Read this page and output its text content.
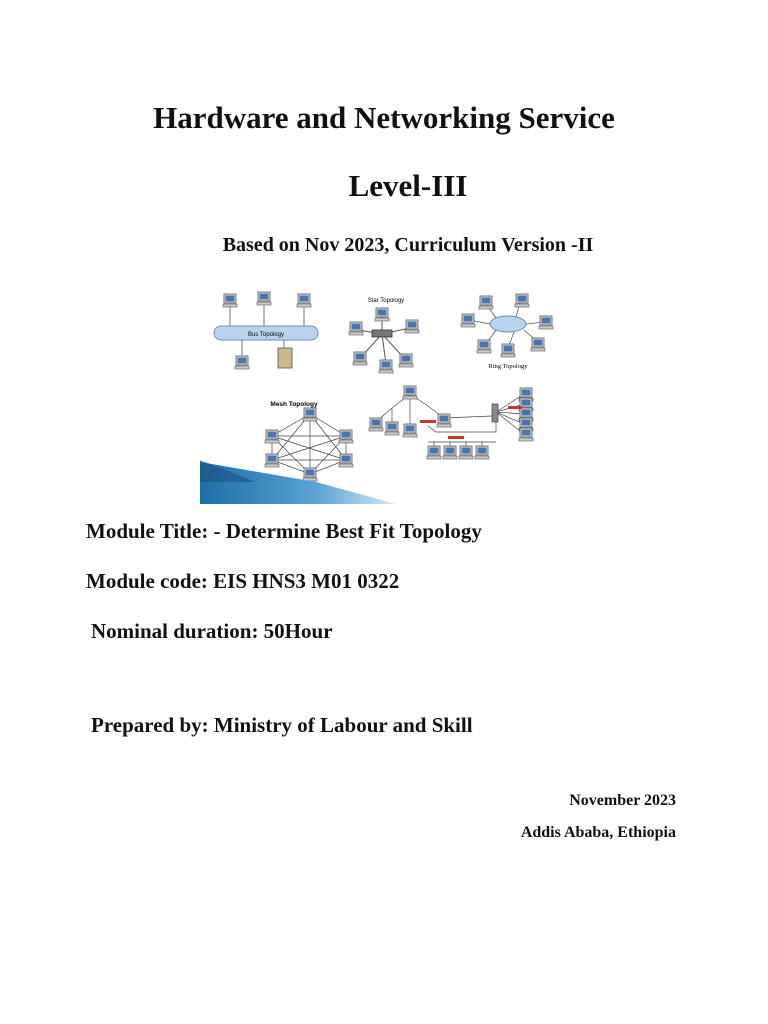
Hardware and Networking Service
Level-III
Based on Nov 2023, Curriculum Version -II
Bus Topology
Star Topology
Ring Topology
Mesh Topology
Module Title: - Determine Best Fit Topology
Module code: EIS HNS3 M01 0322
Nominal duration: 50Hour
Prepared by: Ministry of Labour and Skill
November 2023
Addis Ababa, Ethiopia
